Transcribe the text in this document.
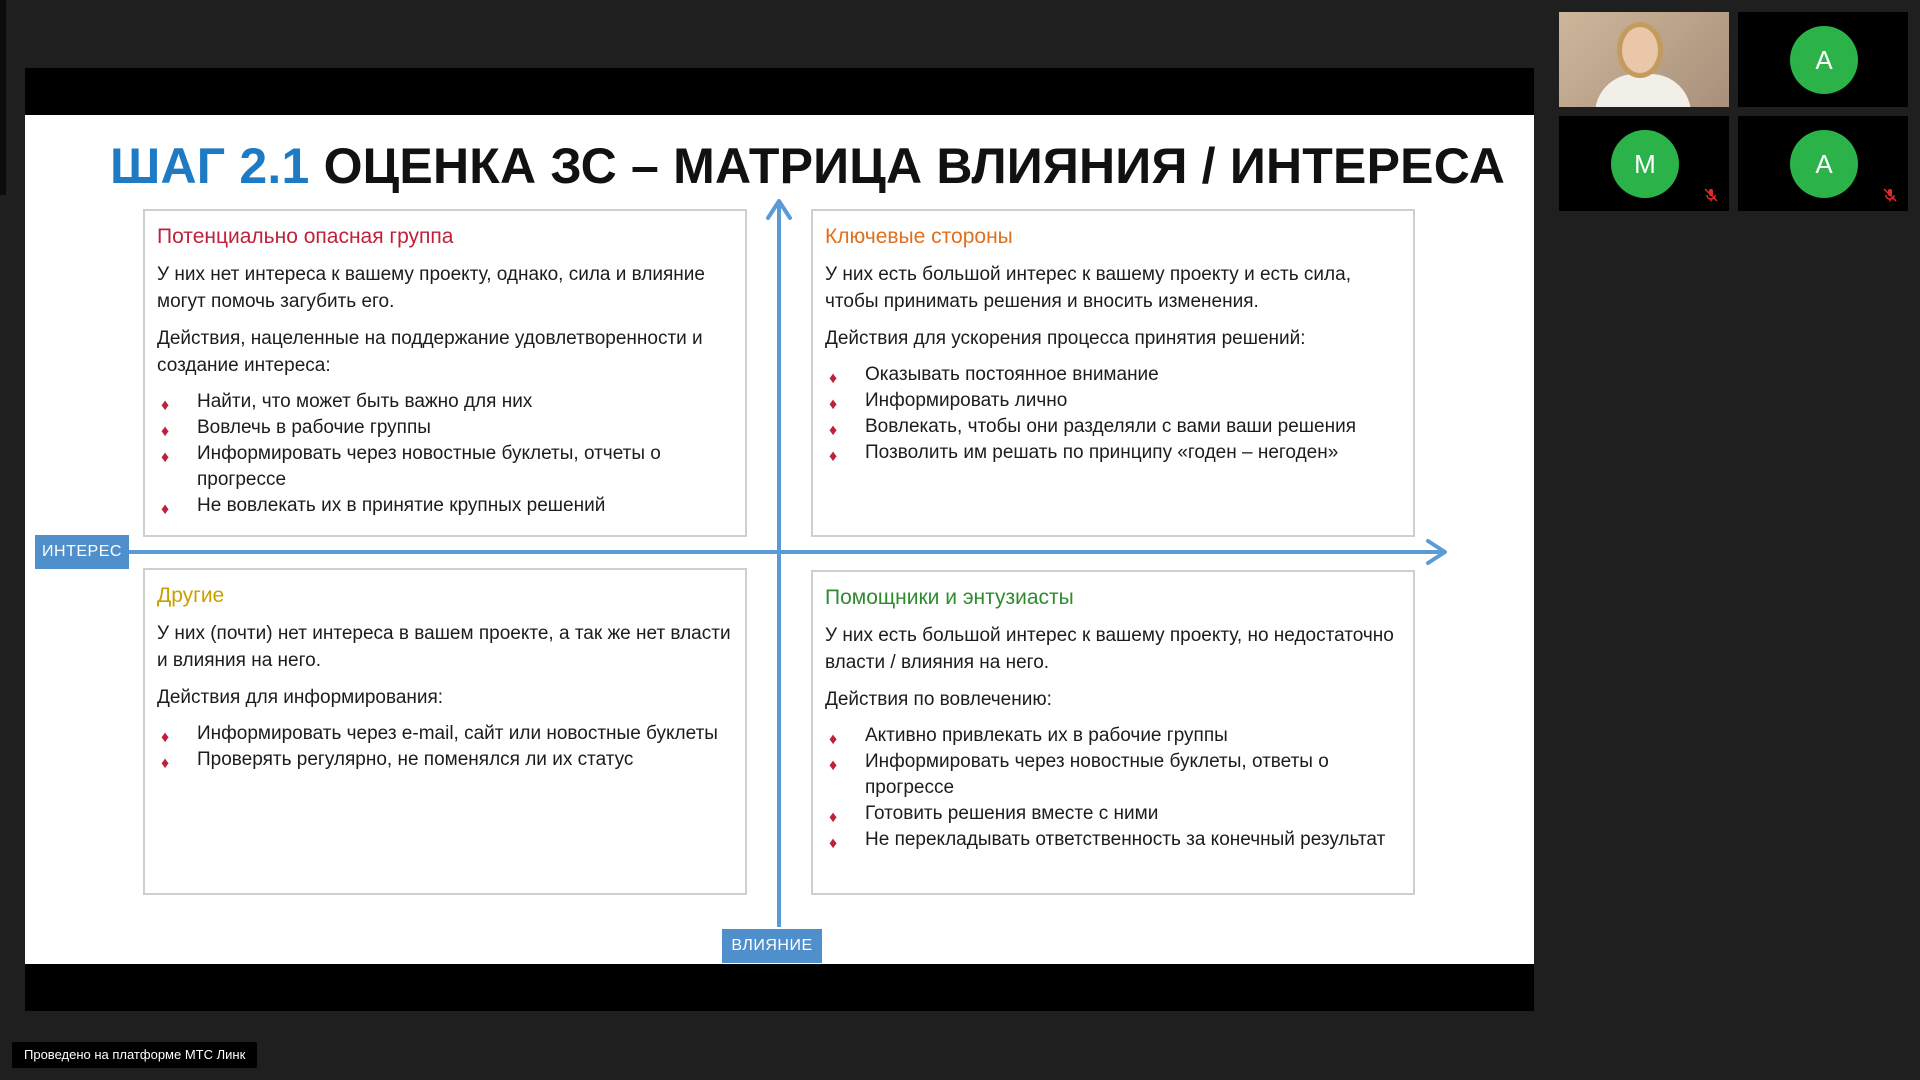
ШАГ 2.1 ОЦЕНКА ЗС – МАТРИЦА ВЛИЯНИЯ / ИНТЕРЕСА
ИНТЕРЕС
ВЛИЯНИЕ
Потенциально опасная группа

У них нет интереса к вашему проекту, однако, сила и влияние могут помочь загубить его.

Действия, нацеленные на поддержание удовлетворенности и создание интереса:

♦ Найти, что может быть важно для них
♦ Вовлечь в рабочие группы
♦ Информировать через новостные буклеты, отчеты о прогрессе
♦ Не вовлекать их в принятие крупных решений
Ключевые стороны

У них есть большой интерес к вашему проекту и есть сила, чтобы принимать решения и вносить изменения.

Действия для ускорения процесса принятия решений:

♦ Оказывать постоянное внимание
♦ Информировать лично
♦ Вовлекать, чтобы они разделяли с вами ваши решения
♦ Позволить им решать по принципу «годен – негоден»
Другие

У них (почти) нет интереса в вашем проекте, а так же нет власти и влияния на него.

Действия для информирования:

♦ Информировать через e-mail, сайт или новостные буклеты
♦ Проверять регулярно, не поменялся ли их статус
Помощники и энтузиасты

У них есть большой интерес к вашему проекту, но недостаточно власти / влияния на него.

Действия по вовлечению:

♦ Активно привлекать их в рабочие группы
♦ Информировать через новостные буклеты, ответы о прогрессе
♦ Готовить решения вместе с ними
♦ Не перекладывать ответственность за конечный результат
А
М	А
Проведено на платформе МТС Линк
